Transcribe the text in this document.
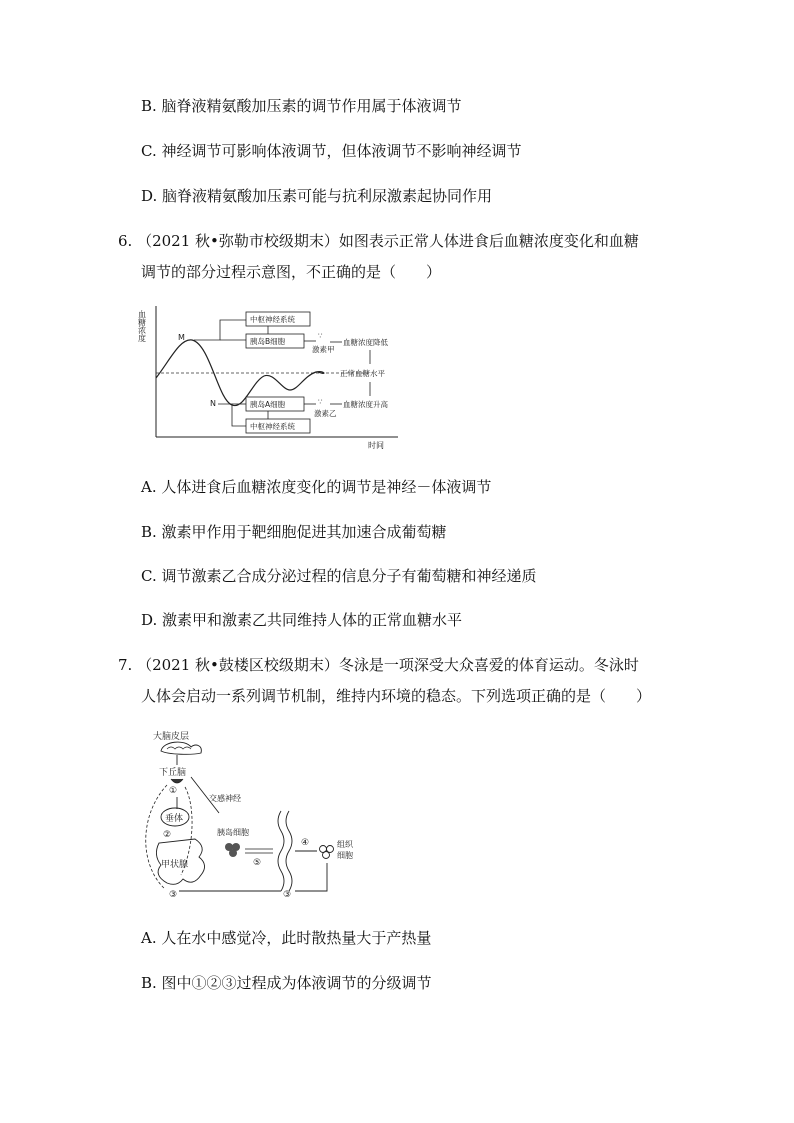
B. 脑脊液精氨酸加压素的调节作用属于体液调节
C. 神经调节可影响体液调节，但体液调节不影响神经调节
D. 脑脊液精氨酸加压素可能与抗利尿激素起协同作用
6. （2021 秋•弥勒市校级期末）如图表示正常人体进食后血糖浓度变化和血糖
调节的部分过程示意图，不正确的是（　　）
血糖浓度
时间
M
N
中枢神经系统
胰岛B细胞
∵
激素甲
血糖浓度降低
正常血糖水平
胰岛A细胞
中枢神经系统
∵
激素乙
血糖浓度升高
A. 人体进食后血糖浓度变化的调节是神经－体液调节
B. 激素甲作用于靶细胞促进其加速合成葡萄糖
C. 调节激素乙合成分泌过程的信息分子有葡萄糖和神经递质
D. 激素甲和激素乙共同维持人体的正常血糖水平
7. （2021 秋•鼓楼区校级期末）冬泳是一项深受大众喜爱的体育运动。冬泳时
人体会启动一系列调节机制，维持内环境的稳态。下列选项正确的是（　　）
大脑皮层
下丘脑
①
交感神经
垂体
②
甲状腺
③
胰岛细胞
⑤
③
④	组织
细胞
A. 人在水中感觉冷，此时散热量大于产热量
B. 图中①②③过程成为体液调节的分级调节
